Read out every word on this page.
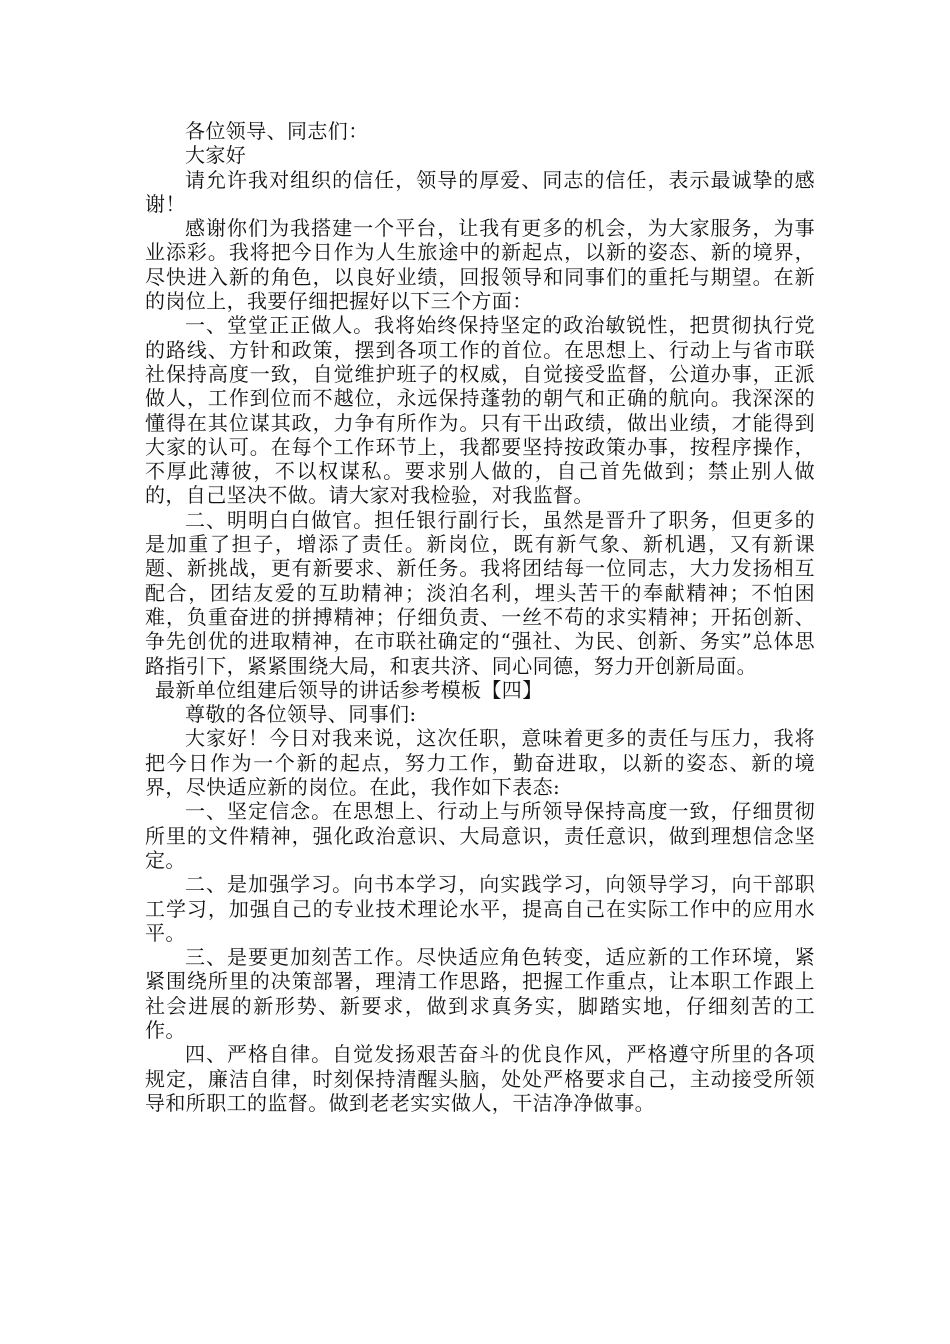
各位领导、同志们：

大家好

请允许我对组织的信任，领导的厚爱、同志的信任，表示最诚挚的感谢！

感谢你们为我搭建一个平台，让我有更多的机会，为大家服务，为事业添彩。我将把今日作为人生旅途中的新起点，以新的姿态、新的境界，尽快进入新的角色，以良好业绩，回报领导和同事们的重托与期望。在新的岗位上，我要仔细把握好以下三个方面：

一、堂堂正正做人。我将始终保持坚定的政治敏锐性，把贯彻执行党的路线、方针和政策，摆到各项工作的首位。在思想上、行动上与省市联社保持高度一致，自觉维护班子的权威，自觉接受监督，公道办事，正派做人，工作到位而不越位，永远保持蓬勃的朝气和正确的航向。我深深的懂得在其位谋其政，力争有所作为。只有干出政绩，做出业绩，才能得到大家的认可。在每个工作环节上，我都要坚持按政策办事，按程序操作，不厚此薄彼，不以权谋私。要求别人做的，自己首先做到；禁止别人做的，自己坚决不做。请大家对我检验，对我监督。

二、明明白白做官。担任银行副行长，虽然是晋升了职务，但更多的是加重了担子，增添了责任。新岗位，既有新气象、新机遇，又有新课题、新挑战，更有新要求、新任务。我将团结每一位同志，大力发扬相互配合，团结友爱的互助精神；淡泊名利，埋头苦干的奉献精神；不怕困难，负重奋进的拼搏精神；仔细负责、一丝不苟的求实精神；开拓创新、争先创优的进取精神，在市联社确定的“强社、为民、创新、务实”总体思路指引下，紧紧围绕大局，和衷共济、同心同德，努力开创新局面。

最新单位组建后领导的讲话参考模板【四】

尊敬的各位领导、同事们:

大家好！今日对我来说，这次任职，意味着更多的责任与压力，我将把今日作为一个新的起点，努力工作，勤奋进取，以新的姿态、新的境界，尽快适应新的岗位。在此，我作如下表态:

一、坚定信念。在思想上、行动上与所领导保持高度一致，仔细贯彻所里的文件精神，强化政治意识、大局意识，责任意识，做到理想信念坚定。

二、是加强学习。向书本学习，向实践学习，向领导学习，向干部职工学习，加强自己的专业技术理论水平，提高自己在实际工作中的应用水平。

三、是要更加刻苦工作。尽快适应角色转变，适应新的工作环境，紧紧围绕所里的决策部署，理清工作思路，把握工作重点，让本职工作跟上社会进展的新形势、新要求，做到求真务实，脚踏实地，仔细刻苦的工作。

四、严格自律。自觉发扬艰苦奋斗的优良作风，严格遵守所里的各项规定，廉洁自律，时刻保持清醒头脑，处处严格要求自己，主动接受所领导和所职工的监督。做到老老实实做人，干洁净净做事。
